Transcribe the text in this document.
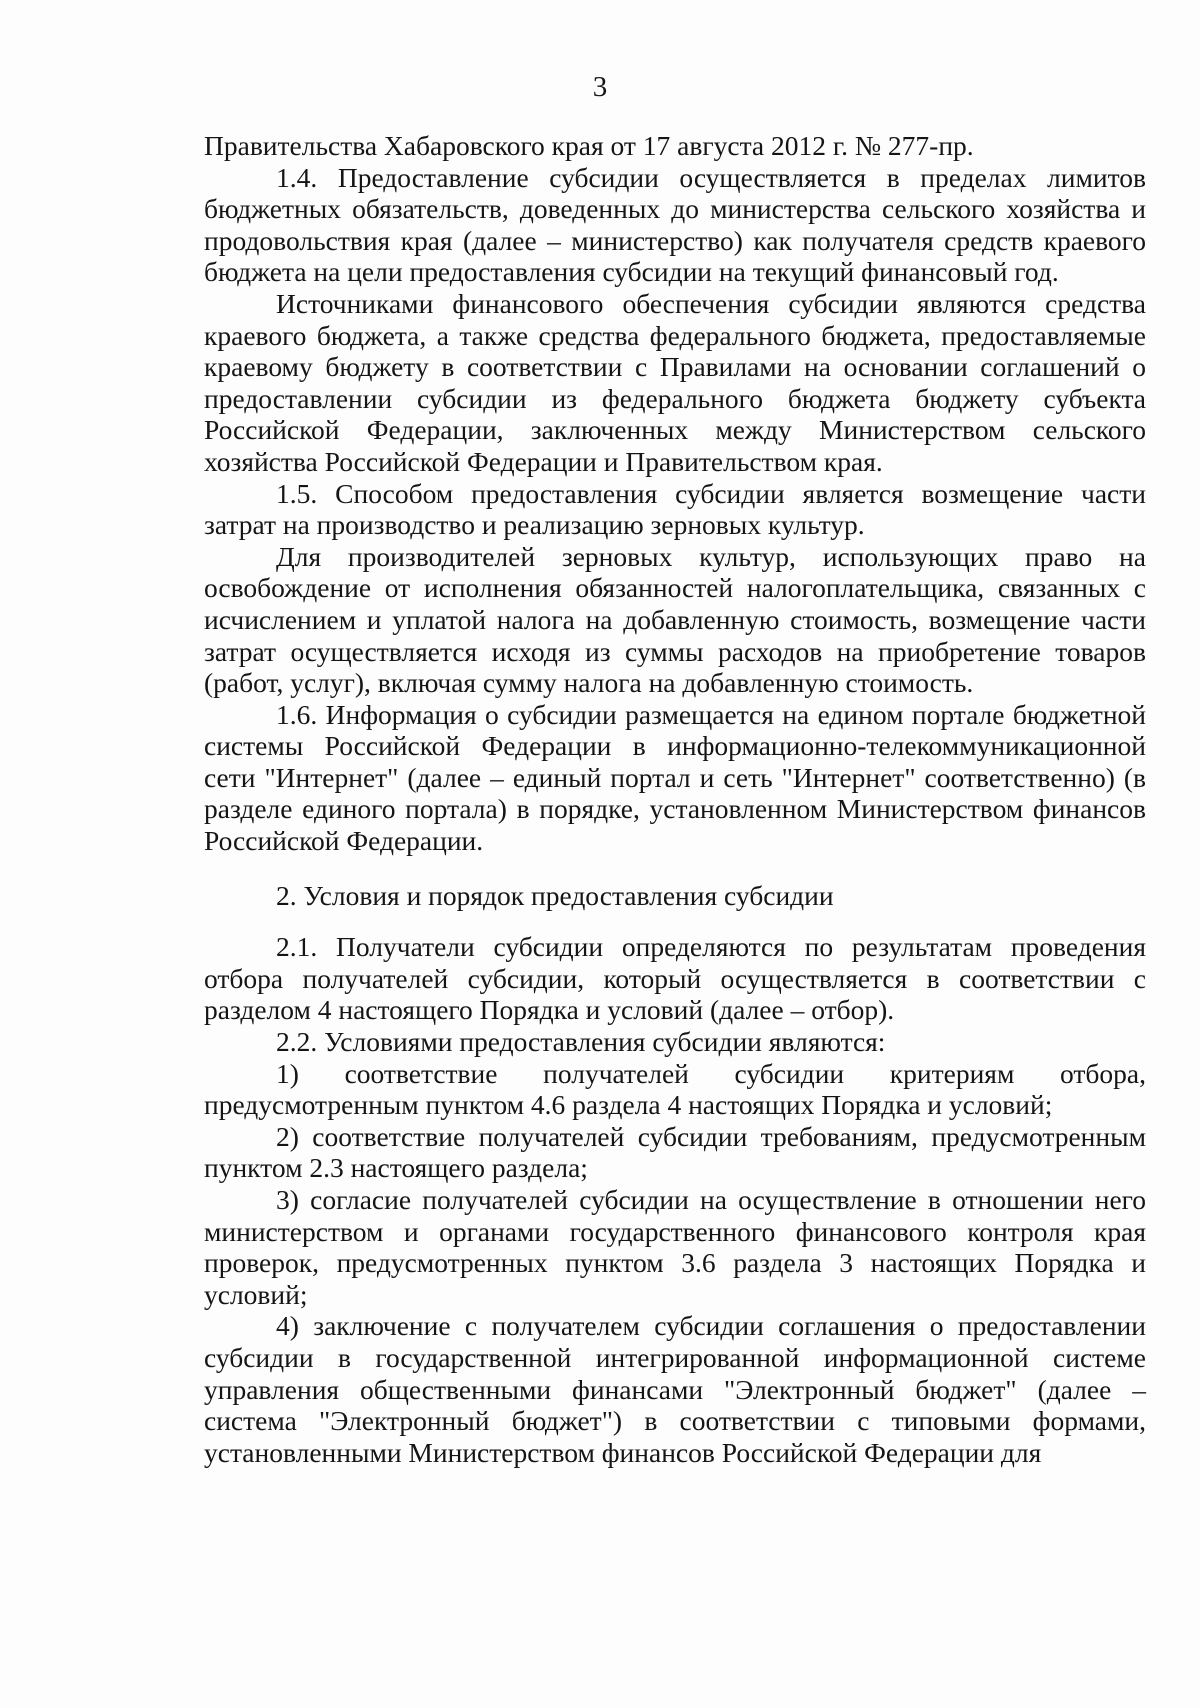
3

Правительства Хабаровского края от 17 августа 2012 г. № 277-пр.

1.4. Предоставление субсидии осуществляется в пределах лимитов бюджетных обязательств, доведенных до министерства сельского хозяйства и продовольствия края (далее – министерство) как получателя средств краевого бюджета на цели предоставления субсидии на текущий финансовый год.

Источниками финансового обеспечения субсидии являются средства краевого бюджета, а также средства федерального бюджета, предоставляемые краевому бюджету в соответствии с Правилами на основании соглашений о предоставлении субсидии из федерального бюджета бюджету субъекта Российской Федерации, заключенных между Министерством сельского хозяйства Российской Федерации и Правительством края.

1.5. Способом предоставления субсидии является возмещение части затрат на производство и реализацию зерновых культур.

Для производителей зерновых культур, использующих право на освобождение от исполнения обязанностей налогоплательщика, связанных с исчислением и уплатой налога на добавленную стоимость, возмещение части затрат осуществляется исходя из суммы расходов на приобретение товаров (работ, услуг), включая сумму налога на добавленную стоимость.

1.6. Информация о субсидии размещается на едином портале бюджетной системы Российской Федерации в информационно-телекоммуникационной сети "Интернет" (далее – единый портал и сеть "Интернет" соответственно) (в разделе единого портала) в порядке, установленном Министерством финансов Российской Федерации.

2. Условия и порядок предоставления субсидии

2.1. Получатели субсидии определяются по результатам проведения отбора получателей субсидии, который осуществляется в соответствии с разделом 4 настоящего Порядка и условий (далее – отбор).

2.2. Условиями предоставления субсидии являются:

1) соответствие получателей субсидии критериям отбора, предусмотренным пунктом 4.6 раздела 4 настоящих Порядка и условий;

2) соответствие получателей субсидии требованиям, предусмотренным пунктом 2.3 настоящего раздела;

3) согласие получателей субсидии на осуществление в отношении него министерством и органами государственного финансового контроля края проверок, предусмотренных пунктом 3.6 раздела 3 настоящих Порядка и условий;

4) заключение с получателем субсидии соглашения о предоставлении субсидии в государственной интегрированной информационной системе управления общественными финансами "Электронный бюджет" (далее – система "Электронный бюджет") в соответствии с типовыми формами, установленными Министерством финансов Российской Федерации для
